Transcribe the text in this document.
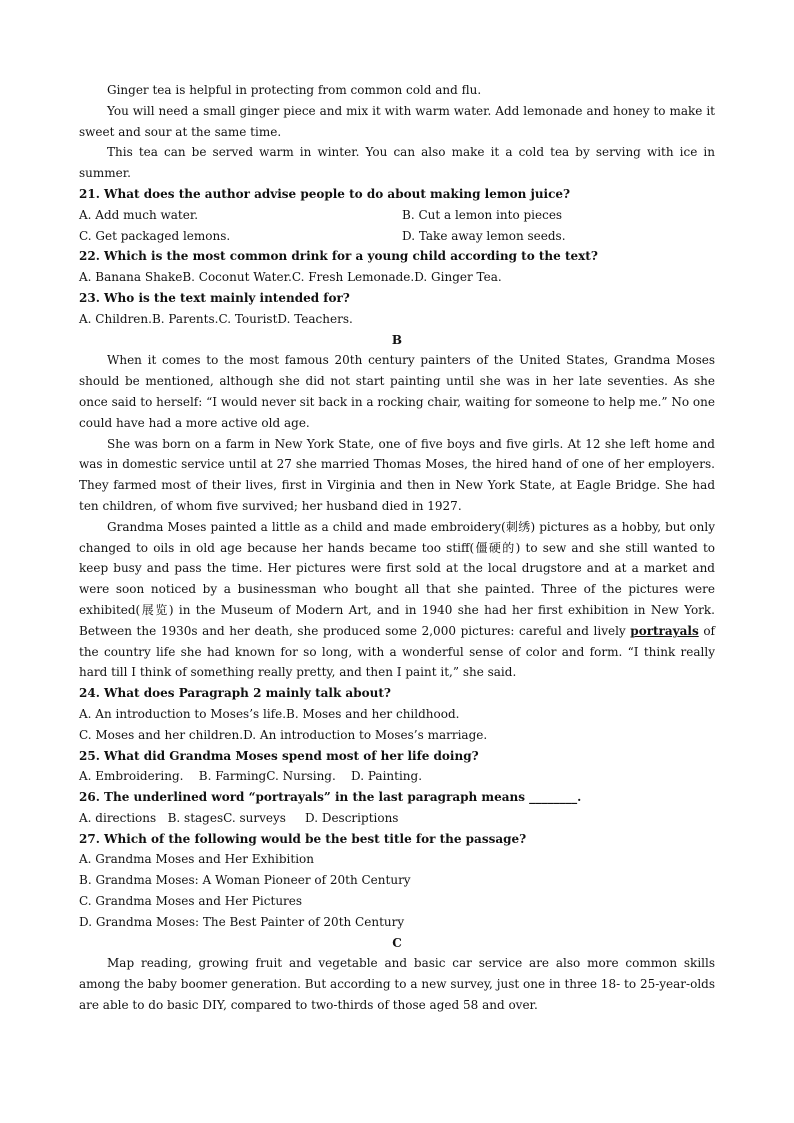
Ginger tea is helpful in protecting from common cold and flu.

You will need a small ginger piece and mix it with warm water. Add lemonade and honey to make it sweet and sour at the same time.

This tea can be served warm in winter. You can also make it a cold tea by serving with ice in summer.

21. What does the author advise people to do about making lemon juice?

A. Add much water.	B. Cut a lemon into pieces
C. Get packaged lemons.	D. Take away lemon seeds.

22. Which is the most common drink for a young child according to the text?

A. Banana ShakeB. Coconut Water.C. Fresh Lemonade.D. Ginger Tea.

23. Who is the text mainly intended for?

A. Children.B. Parents.C. TouristD. Teachers.

B

When it comes to the most famous 20th century painters of the United States, Grandma Moses should be mentioned, although she did not start painting until she was in her late seventies. As she once said to herself: “I would never sit back in a rocking chair, waiting for someone to help me.” No one could have had a more active old age.

She was born on a farm in New York State, one of five boys and five girls. At 12 she left home and was in domestic service until at 27 she married Thomas Moses, the hired hand of one of her employers. They farmed most of their lives, first in Virginia and then in New York State, at Eagle Bridge. She had ten children, of whom five survived; her husband died in 1927.

Grandma Moses painted a little as a child and made embroidery(刺绣) pictures as a hobby, but only changed to oils in old age because her hands became too stiff(僵硬的) to sew and she still wanted to keep busy and pass the time. Her pictures were first sold at the local drugstore and at a market and were soon noticed by a businessman who bought all that she painted. Three of the pictures were exhibited(展览) in the Museum of Modern Art, and in 1940 she had her first exhibition in New York. Between the 1930s and her death, she produced some 2,000 pictures: careful and lively portrayals of the country life she had known for so long, with a wonderful sense of color and form. “I think really hard till I think of something really pretty, and then I paint it,” she said.

24. What does Paragraph 2 mainly talk about?

A. An introduction to Moses’s life.B. Moses and her childhood.

C. Moses and her children.D. An introduction to Moses’s marriage.

25. What did Grandma Moses spend most of her life doing?

A. Embroidering.    B. FarmingC. Nursing.    D. Painting.

26. The underlined word “portrayals” in the last paragraph means ________.

A. directions   B. stagesC. surveys     D. Descriptions

27. Which of the following would be the best title for the passage?

A. Grandma Moses and Her Exhibition

B. Grandma Moses: A Woman Pioneer of 20th Century

C. Grandma Moses and Her Pictures

D. Grandma Moses: The Best Painter of 20th Century

C

Map reading, growing fruit and vegetable and basic car service are also more common skills among the baby boomer generation. But according to a new survey, just one in three 18- to 25-year-olds are able to do basic DIY, compared to two-thirds of those aged 58 and over.
